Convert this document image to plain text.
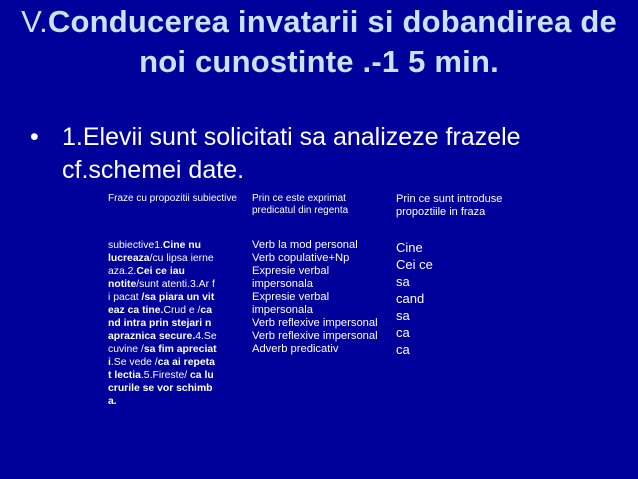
V.Conducerea invatarii si dobandirea de noi cunostinte .-1 5 min.
• 1.Elevii sunt solicitati sa analizeze frazele cf.schemei date.
Fraze cu propozitii subiective
subiective1.Cine nu
lucreaza/cu lipsa ierne
aza.2.Cei ce iau
notite/sunt atenti.3.Ar f
i pacat /sa piara un vit
eaz ca tine.Crud e /ca
nd intra prin stejari n
apraznica secure.4.Se
cuvine /sa fim apreciat
i.Se vede /ca ai repeta
t lectia.5.Fireste/ ca lu
crurile se vor schimb
a.
Prin ce este exprimat predicatul din regenta
Verb la mod personal
Verb copulative+Np
Expresie verbal impersonala
Expresie verbal impersonala
Verb reflexive impersonal
Verb reflexive impersonal
Adverb predicativ
Prin ce sunt introduse propoztiile in fraza
Cine
Cei ce
sa
cand
sa
ca
ca
